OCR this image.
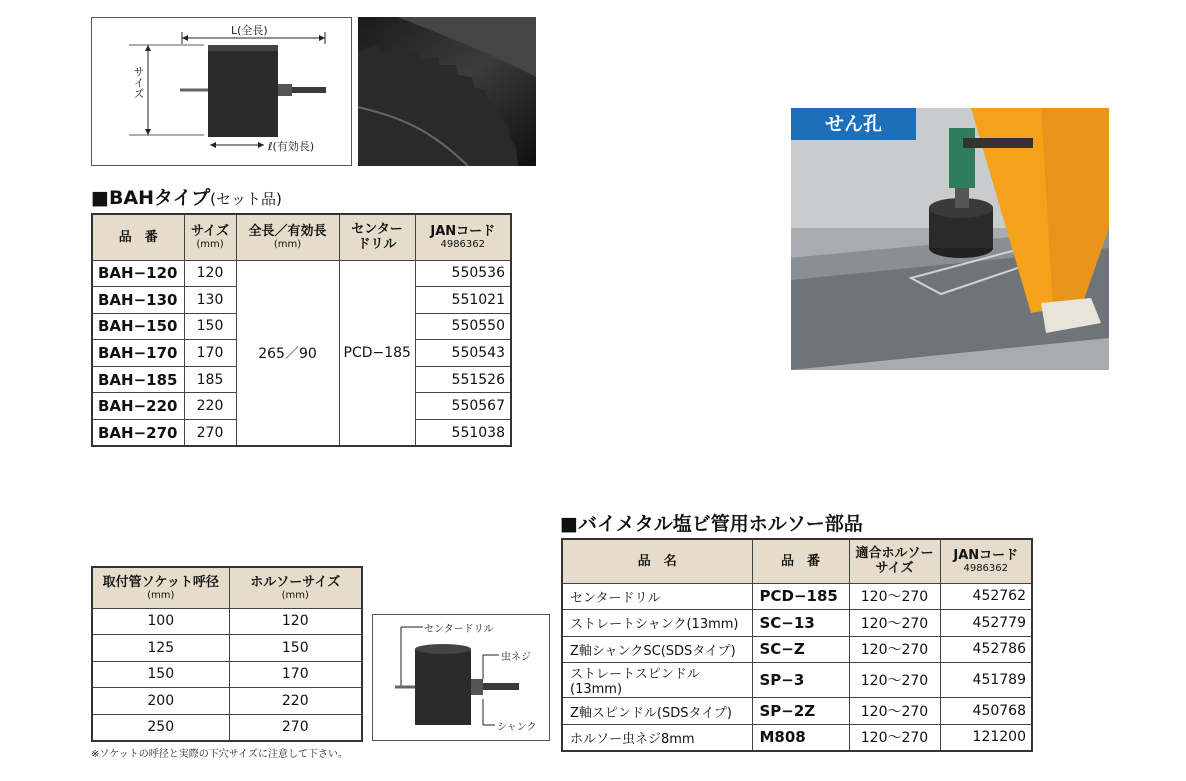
L(全長)
サイズ
ℓ(有効長)
■BAHタイプ(セット品)
品　番	サイズ
(mm)	全長／有効長
(mm)	センター
ドリル	JANコード
4986362

BAH−120	120	265／90	PCD−185	550536
BAH−130	130			551021
BAH−150	150			550550
BAH−170	170			550543
BAH−185	185			551526
BAH−220	220			550567
BAH−270	270			551038
せん孔
取付管ソケット呼径
(mm)	ホルソーサイズ
(mm)

100	120
125	150
150	170
200	220
250	270
※ソケットの呼径と実際の下穴サイズに注意して下さい。
センタードリル
虫ネジ
シャンク
■バイメタル塩ビ管用ホルソー部品
品　名	品　番	適合ホルソー
サイズ	JANコード
4986362

センタードリル	PCD−185	120〜270	452762
ストレートシャンク(13mm)	SC−13	120〜270	452779
Z軸シャンクSC(SDSタイプ)	SC−Z	120〜270	452786
ストレートスピンドル(13mm)	SP−3	120〜270	451789
Z軸スピンドル(SDSタイプ)	SP−2Z	120〜270	450768
ホルソー虫ネジ8mm	M808	120〜270	121200
